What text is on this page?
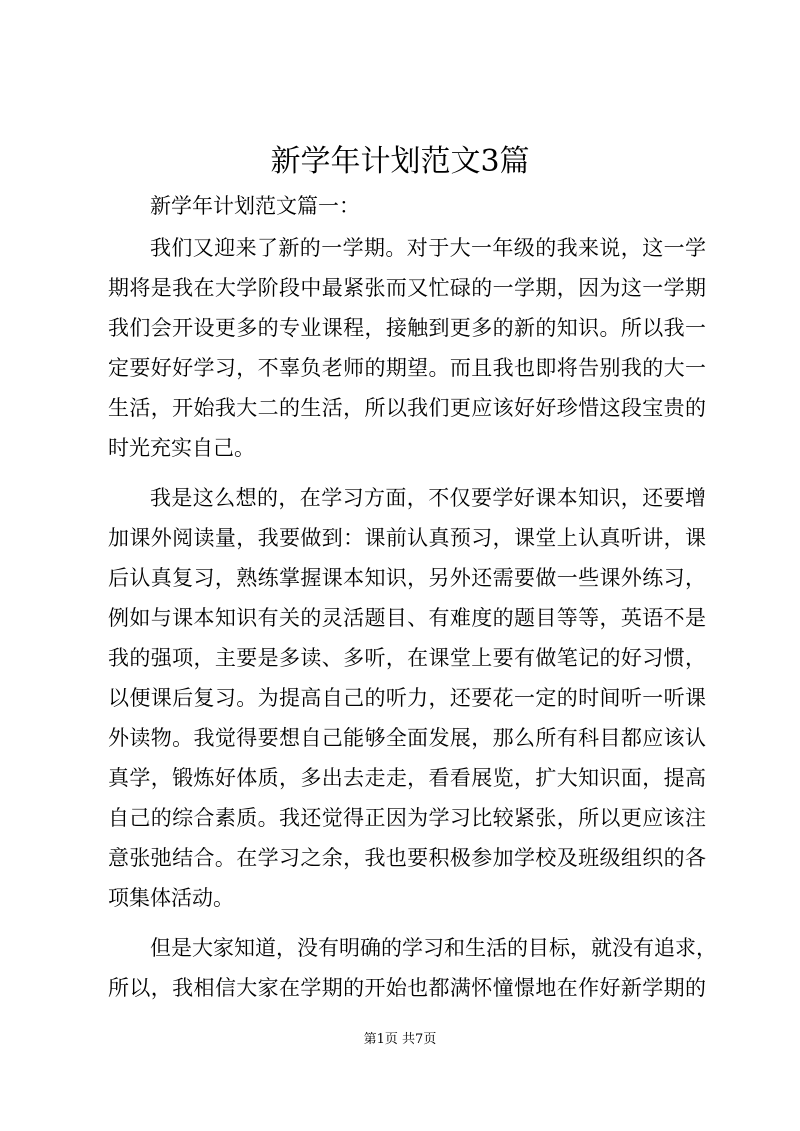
新学年计划范文3篇
新学年计划范文篇一：
我们又迎来了新的一学期。对于大一年级的我来说，这一学
期将是我在大学阶段中最紧张而又忙碌的一学期，因为这一学期
我们会开设更多的专业课程，接触到更多的新的知识。所以我一
定要好好学习，不辜负老师的期望。而且我也即将告别我的大一
生活，开始我大二的生活，所以我们更应该好好珍惜这段宝贵的
时光充实自己。
我是这么想的，在学习方面，不仅要学好课本知识，还要增
加课外阅读量，我要做到：课前认真预习，课堂上认真听讲，课
后认真复习，熟练掌握课本知识，另外还需要做一些课外练习，
例如与课本知识有关的灵活题目、有难度的题目等等，英语不是
我的强项，主要是多读、多听，在课堂上要有做笔记的好习惯，
以便课后复习。为提高自己的听力，还要花一定的时间听一听课
外读物。我觉得要想自己能够全面发展，那么所有科目都应该认
真学，锻炼好体质，多出去走走，看看展览，扩大知识面，提高
自己的综合素质。我还觉得正因为学习比较紧张，所以更应该注
意张弛结合。在学习之余，我也要积极参加学校及班级组织的各
项集体活动。
但是大家知道，没有明确的学习和生活的目标，就没有追求，
所以，我相信大家在学期的开始也都满怀憧憬地在作好新学期的
第1页 共7页
